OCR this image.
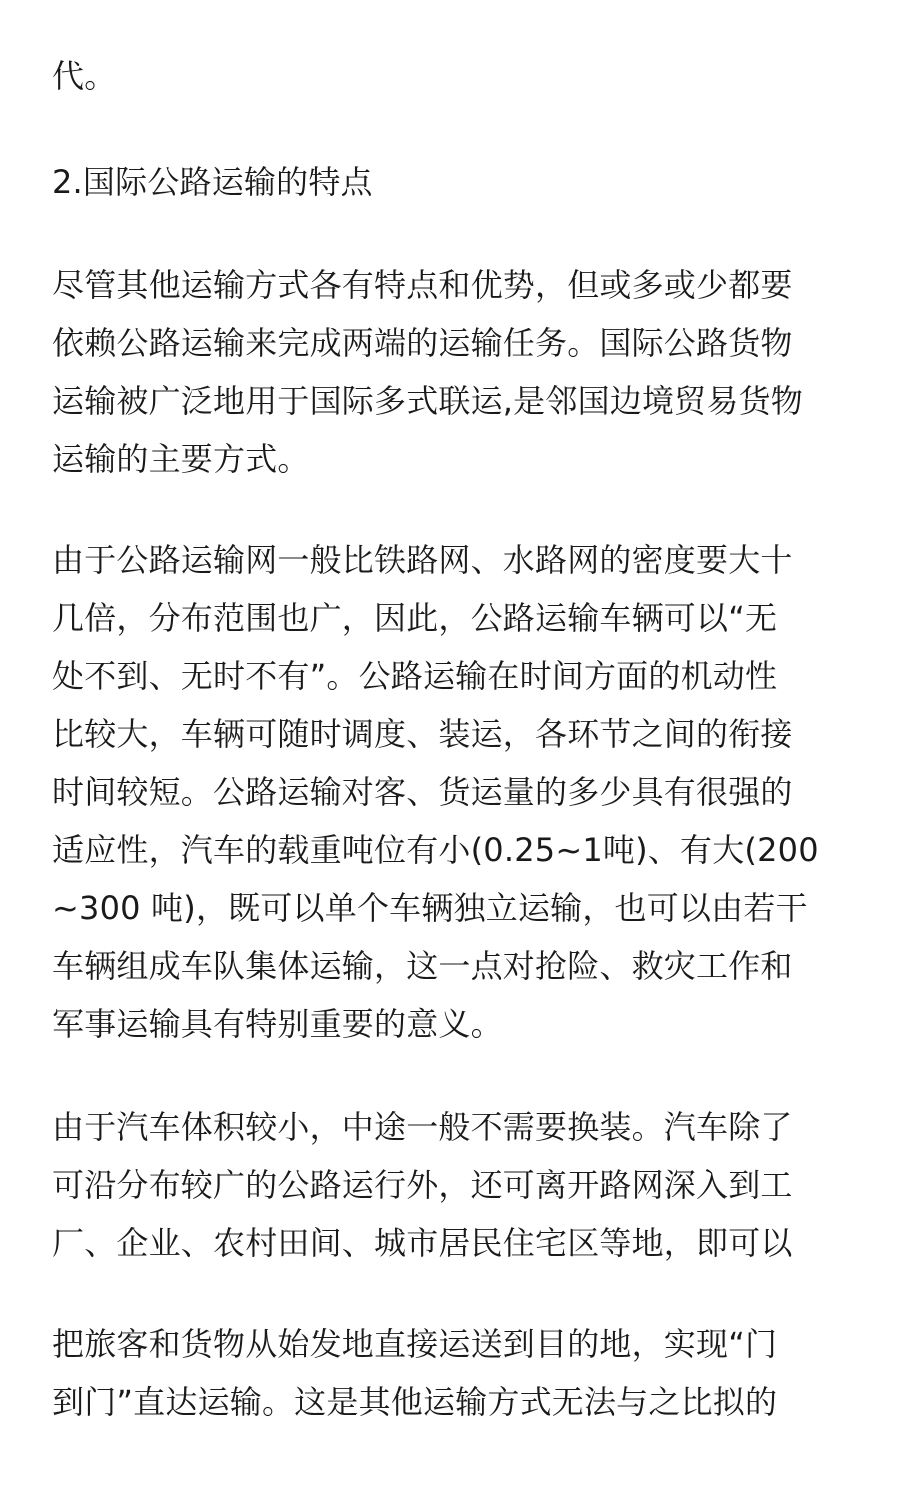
代。

2.国际公路运输的特点

尽管其他运输方式各有特点和优势，但或多或少都要
依赖公路运输来完成两端的运输任务。国际公路货物
运输被广泛地用于国际多式联运,是邻国边境贸易货物
运输的主要方式。

由于公路运输网一般比铁路网、水路网的密度要大十
几倍，分布范围也广，因此，公路运输车辆可以“无
处不到、无时不有”。公路运输在时间方面的机动性
比较大，车辆可随时调度、装运，各环节之间的衔接
时间较短。公路运输对客、货运量的多少具有很强的
适应性，汽车的载重吨位有小(0.25~1吨)、有大(200
~300 吨)，既可以单个车辆独立运输，也可以由若干
车辆组成车队集体运输，这一点对抢险、救灾工作和
军事运输具有特别重要的意义。

由于汽车体积较小，中途一般不需要换装。汽车除了
可沿分布较广的公路运行外，还可离开路网深入到工
厂、企业、农村田间、城市居民住宅区等地，即可以

把旅客和货物从始发地直接运送到目的地，实现“门
到门”直达运输。这是其他运输方式无法与之比拟的
